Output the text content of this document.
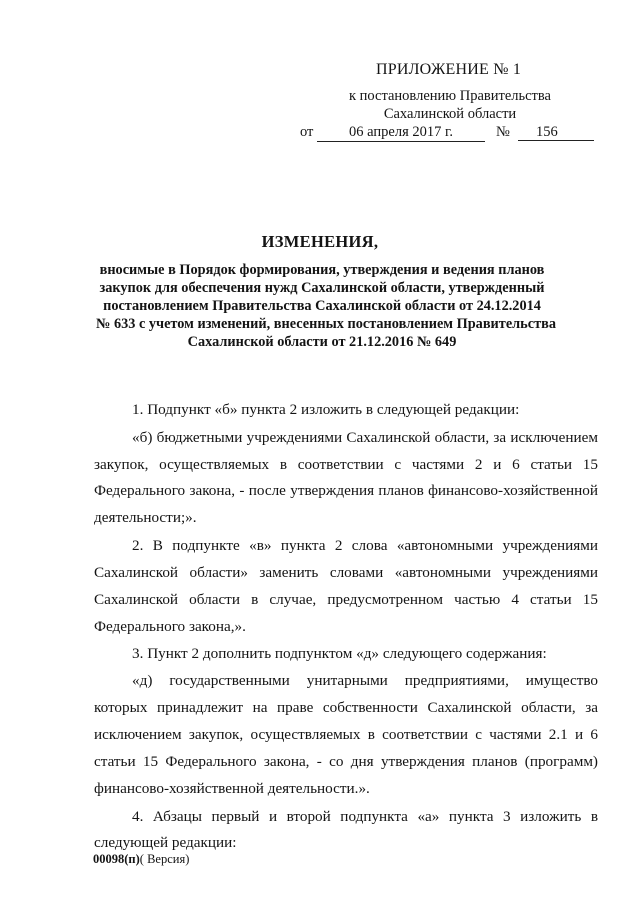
ПРИЛОЖЕНИЕ № 1
к постановлению Правительства
Сахалинской области
от	06 апреля 2017 г.	№	156
ИЗМЕНЕНИЯ,
вносимые в Порядок формирования, утверждения и ведения планов
закупок для обеспечения нужд Сахалинской области, утвержденный
постановлением Правительства Сахалинской области от 24.12.2014
№ 633 с учетом изменений, внесенных постановлением Правительства
Сахалинской области от 21.12.2016 № 649
1. Подпункт «б» пункта 2 изложить в следующей редакции:
«б) бюджетными учреждениями Сахалинской области, за исключением
закупок, осуществляемых в соответствии с частями 2 и 6 статьи 15
Федерального закона, - после утверждения планов финансово-хозяйственной
деятельности;».
2. В подпункте «в» пункта 2 слова «автономными учреждениями
Сахалинской области» заменить словами «автономными учреждениями
Сахалинской области в случае, предусмотренном частью 4 статьи 15
Федерального закона,».
3. Пункт 2 дополнить подпунктом «д» следующего содержания:
«д) государственными унитарными предприятиями, имущество
которых принадлежит на праве собственности Сахалинской области, за
исключением закупок, осуществляемых в соответствии с частями 2.1 и 6
статьи 15 Федерального закона, - со дня утверждения планов (программ)
финансово-хозяйственной деятельности.».
4. Абзацы первый и второй подпункта «а» пункта 3 изложить в
следующей редакции:
00098(п)( Версия)
